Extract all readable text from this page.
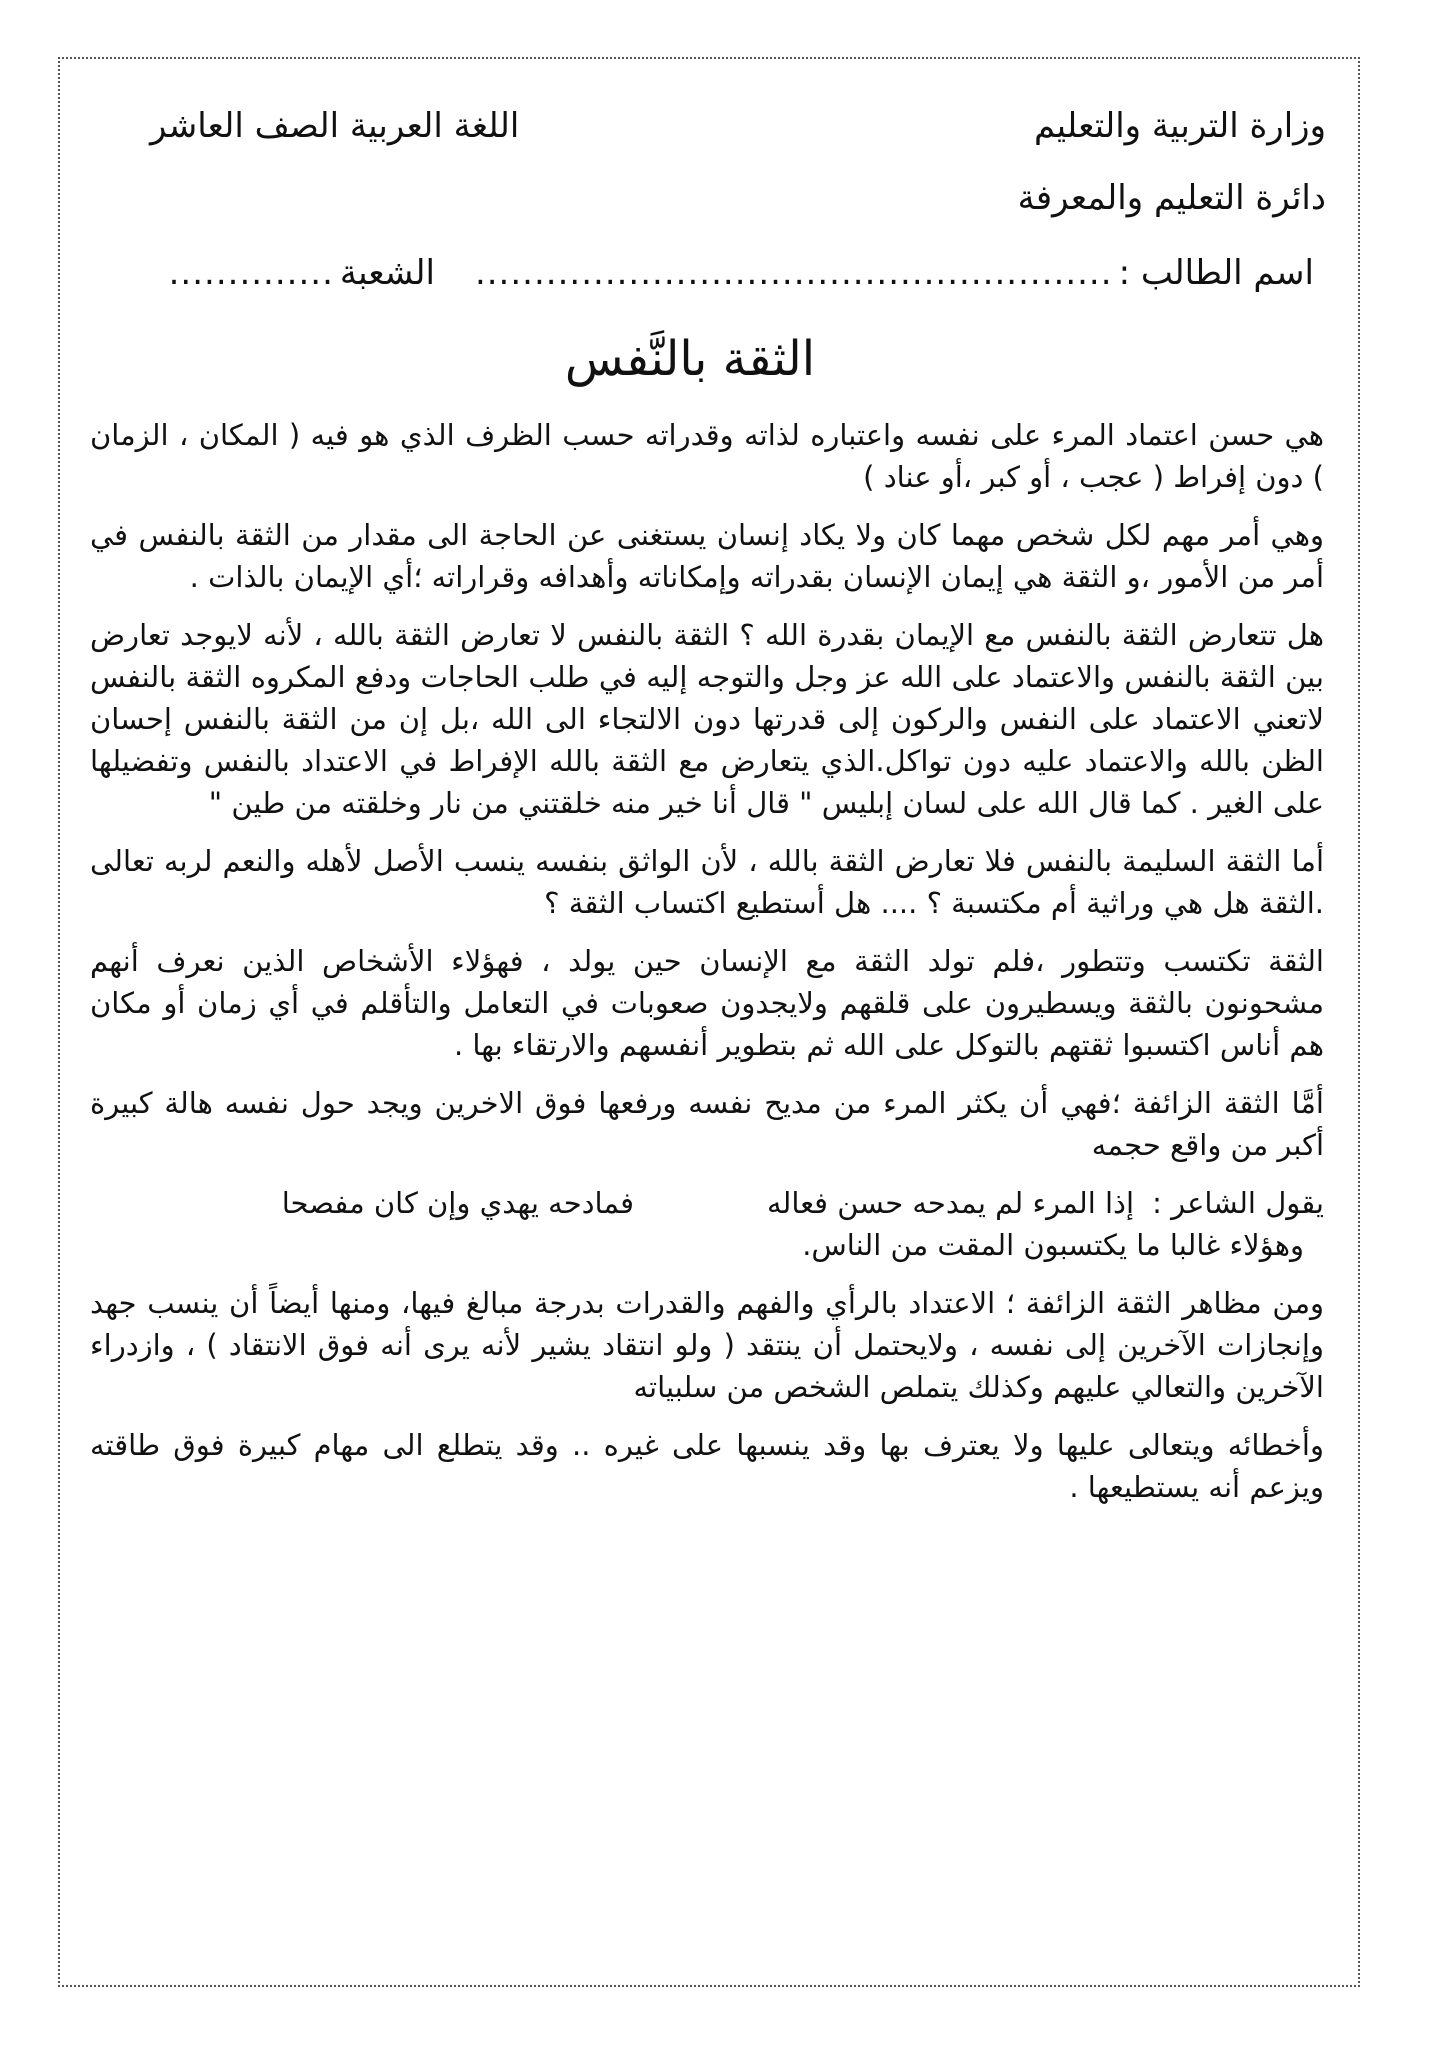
وزارة التربية والتعليم
اللغة العربية الصف العاشر
دائرة التعليم والمعرفة
اسم الطالب :
......................................................
الشعبة
..............
الثقة بالنَّفس

هي حسن اعتماد المرء على نفسه واعتباره لذاته وقدراته حسب الظرف الذي هو فيه ( المكان ، الزمان ) دون إفراط ( عجب ، أو كبر ،أو عناد )

وهي أمر مهم لكل شخص مهما كان ولا يكاد إنسان يستغنى عن الحاجة الى مقدار من الثقة بالنفس في أمر من الأمور ،و الثقة هي إيمان الإنسان بقدراته وإمكاناته وأهدافه وقراراته ؛أي الإيمان بالذات .

هل تتعارض الثقة بالنفس مع الإيمان بقدرة الله ؟ الثقة بالنفس لا تعارض الثقة بالله ، لأنه لايوجد تعارض بين الثقة بالنفس والاعتماد على الله عز وجل والتوجه إليه في طلب الحاجات ودفع المكروه الثقة بالنفس لاتعني الاعتماد على النفس والركون إلى قدرتها دون الالتجاء الى الله ،بل إن من الثقة بالنفس إحسان الظن بالله والاعتماد عليه دون تواكل.الذي يتعارض مع الثقة بالله الإفراط في الاعتداد بالنفس وتفضيلها على الغير . كما قال الله على لسان إبليس " قال أنا خير منه خلقتني من نار وخلقته من طين "

أما الثقة السليمة بالنفس فلا تعارض الثقة بالله ، لأن الواثق بنفسه ينسب الأصل لأهله والنعم لربه تعالى .الثقة هل هي وراثية أم مكتسبة ؟ .... هل أستطيع اكتساب الثقة ؟

الثقة تكتسب وتتطور ،فلم تولد الثقة مع الإنسان حين يولد ، فهؤلاء الأشخاص الذين نعرف أنهم مشحونون بالثقة ويسطيرون على قلقهم ولايجدون صعوبات في التعامل والتأقلم في أي زمان أو مكان هم أناس اكتسبوا ثقتهم بالتوكل على الله ثم بتطوير أنفسهم والارتقاء بها .

أمَّا الثقة الزائفة ؛فهي أن يكثر المرء من مديح نفسه ورفعها فوق الاخرين ويجد حول نفسه هالة كبيرة أكبر من واقع حجمه

يقول الشاعر :
إذا المرء لم يمدحه حسن فعاله
فمادحه يهدي وإن كان مفصحا
وهؤلاء غالبا ما يكتسبون المقت من الناس.

ومن مظاهر الثقة الزائفة ؛ الاعتداد بالرأي والفهم والقدرات بدرجة مبالغ فيها، ومنها أيضاً أن ينسب جهد وإنجازات الآخرين إلى نفسه ، ولايحتمل أن ينتقد ( ولو انتقاد يشير لأنه يرى أنه فوق الانتقاد ) ، وازدراء الآخرين والتعالي عليهم وكذلك يتملص الشخص من سلبياته

وأخطائه ويتعالى عليها ولا يعترف بها وقد ينسبها على غيره .. وقد يتطلع الى مهام كبيرة فوق طاقته ويزعم أنه يستطيعها .
